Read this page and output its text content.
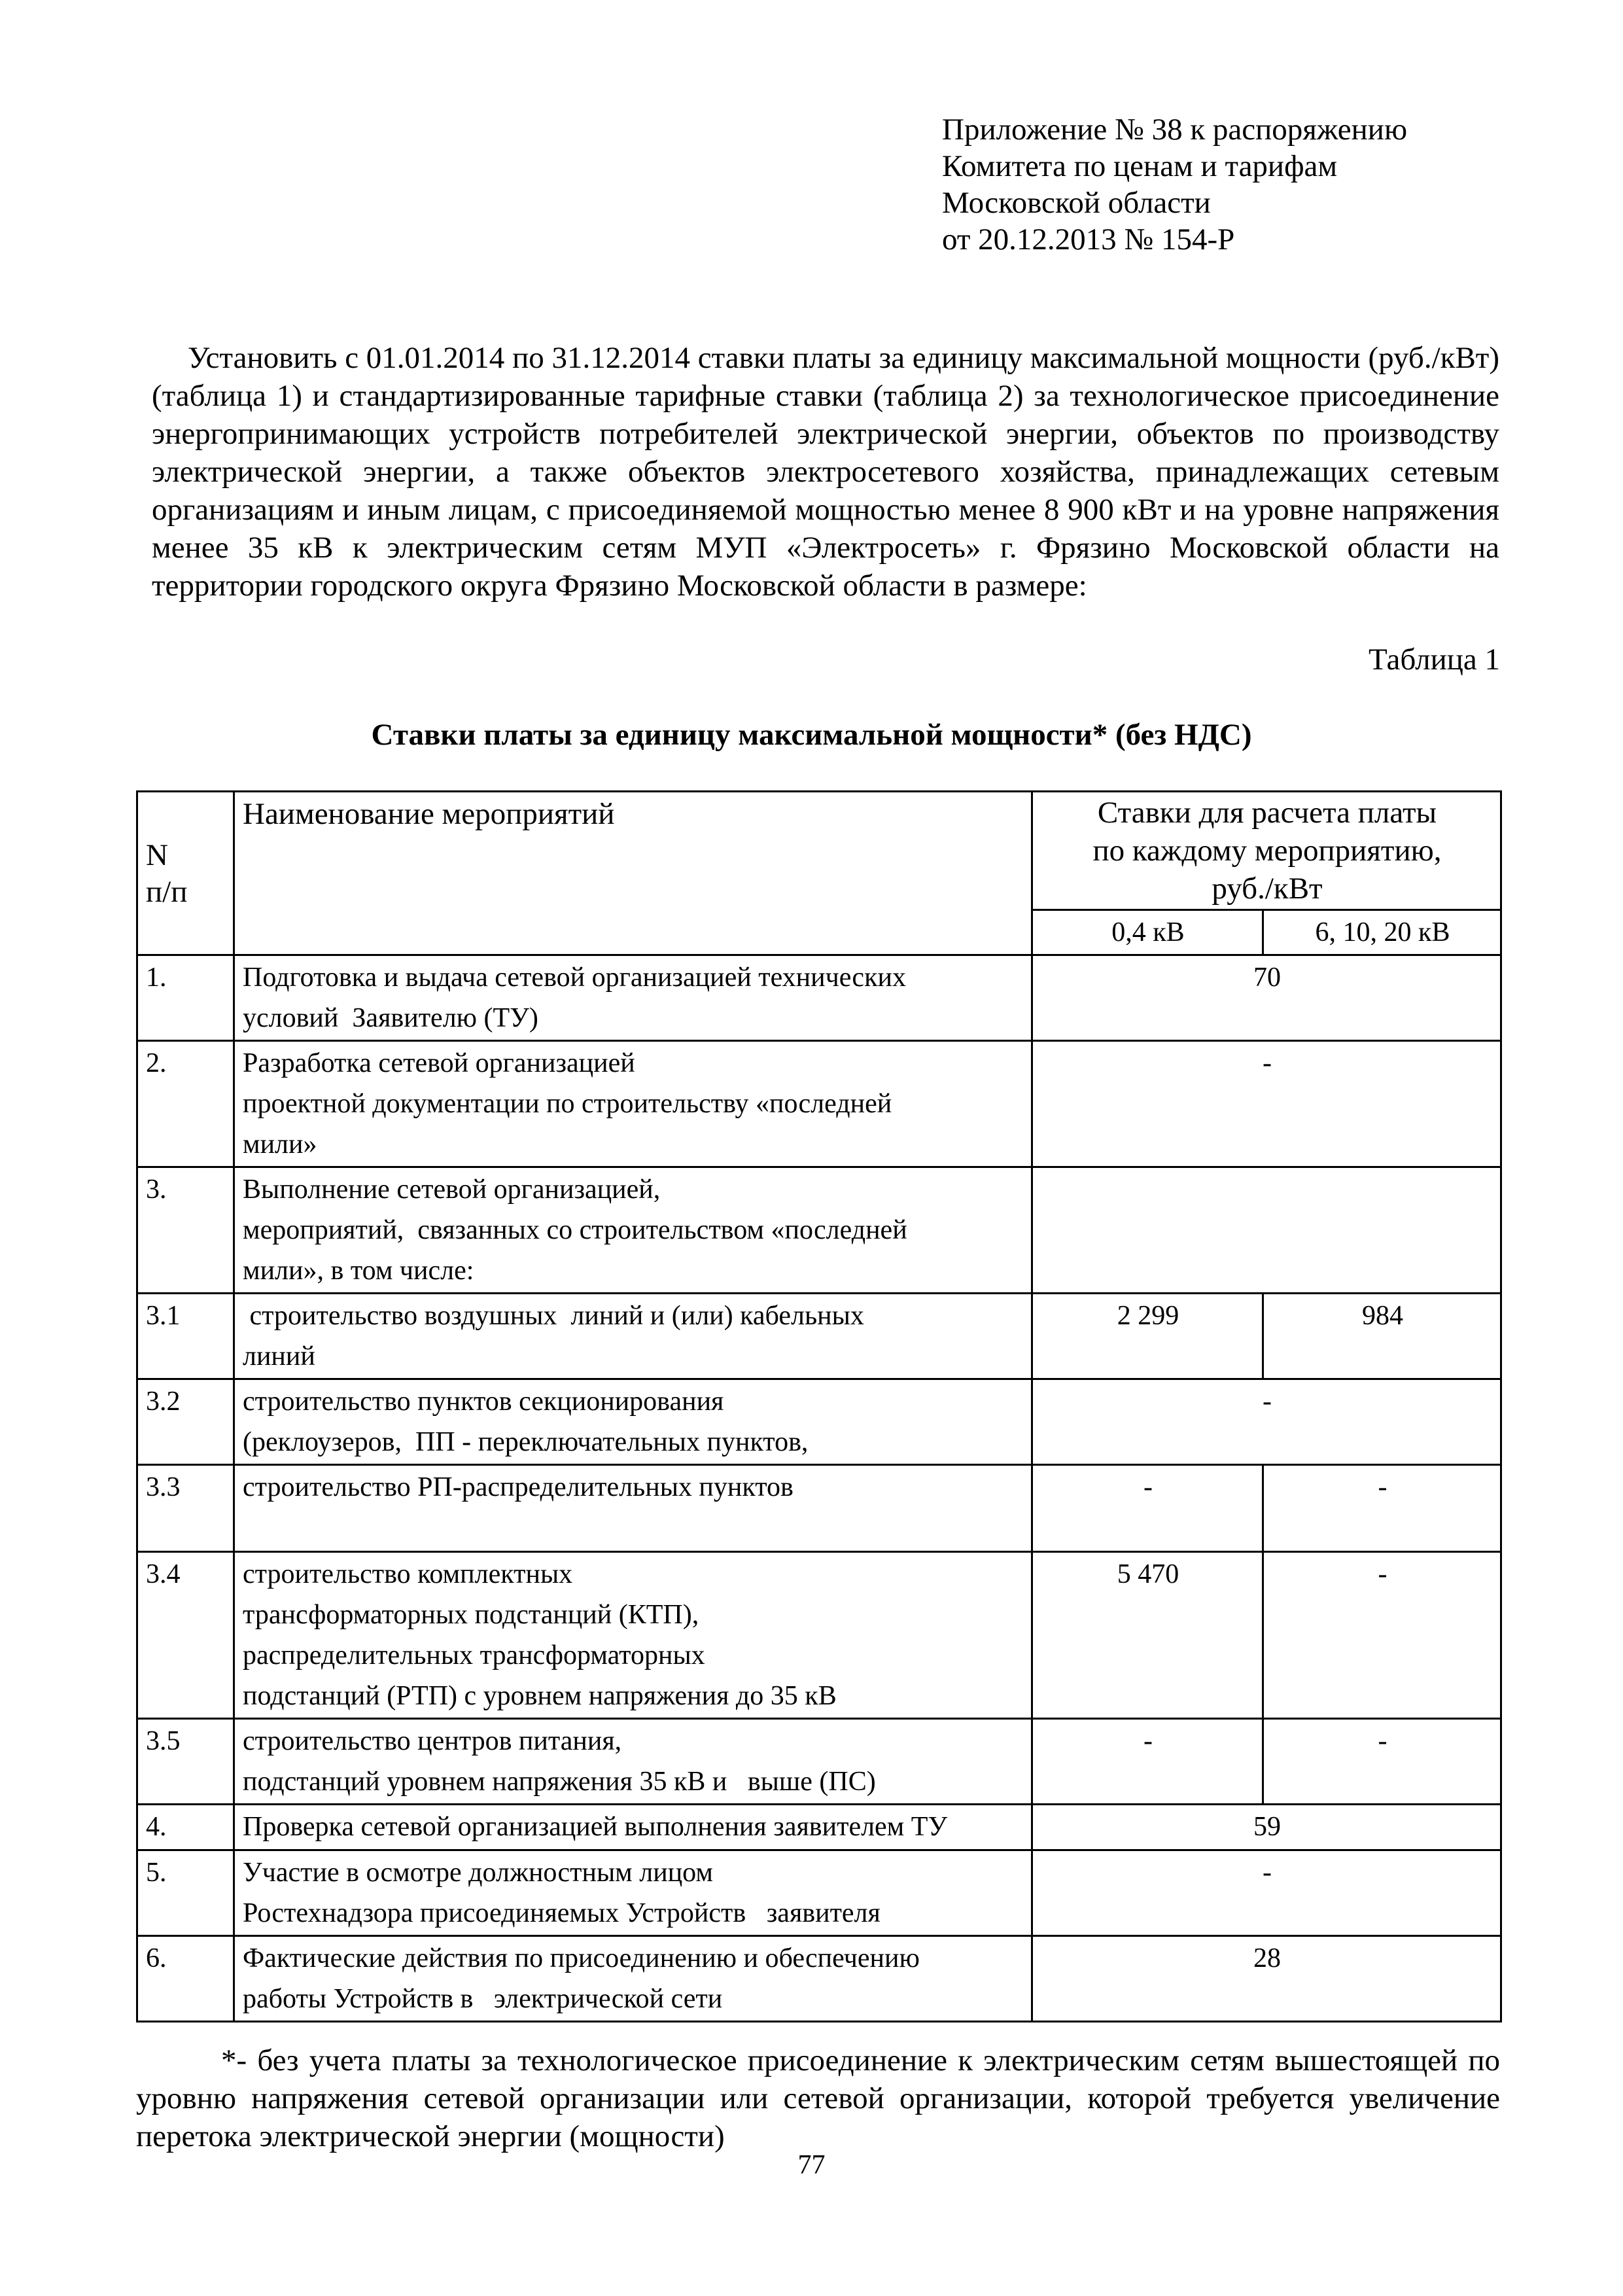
Приложение № 38 к распоряжению
Комитета по ценам и тарифам
Московской области
от 20.12.2013 № 154-Р

Установить с 01.01.2014 по 31.12.2014 ставки платы за единицу максимальной мощности (руб./кВт) (таблица 1) и стандартизированные тарифные ставки (таблица 2) за технологическое присоединение энергопринимающих устройств потребителей электрической энергии, объектов по производству электрической энергии, а также объектов электросетевого хозяйства, принадлежащих сетевым организациям и иным лицам, с присоединяемой мощностью менее 8 900 кВт и на уровне напряжения менее 35 кВ к электрическим сетям МУП «Электросеть» г. Фрязино Московской области на территории городского округа Фрязино Московской области в размере:

Таблица 1
Ставки платы за единицу максимальной мощности* (без НДС)
N
п/п	Наименование мероприятий	Ставки для расчета платы
по каждому мероприятию,
руб./кВт	
		0,4 кВ	6, 10, 20 кВ
1.	Подготовка и выдача сетевой организацией технических
условий  Заявителю (ТУ)	70	
2.	Разработка сетевой организацией
проектной документации по строительству «последней
мили»	-	
3.	Выполнение сетевой организацией,
мероприятий,  связанных со строительством «последней
мили», в том числе:		
3.1	строительство воздушных  линий и (или) кабельных
линий	2 299	984
3.2	строительство пунктов секционирования
(реклоузеров,  ПП - переключательных пунктов,	-	
3.3	строительство РП-распределительных пунктов	-	-
3.4	строительство комплектных
трансформаторных подстанций (КТП),
распределительных трансформаторных
подстанций (РТП) с уровнем напряжения до 35 кВ	5 470	-
3.5	строительство центров питания,
подстанций уровнем напряжения 35 кВ и   выше (ПС)	-	-
4.	Проверка сетевой организацией выполнения заявителем ТУ	59	
5.	Участие в осмотре должностным лицом
Ростехнадзора присоединяемых Устройств   заявителя	-	
6.	Фактические действия по присоединению и обеспечению
работы Устройств в   электрической сети	28	

*- без учета платы за технологическое присоединение к электрическим сетям вышестоящей по уровню напряжения сетевой организации или сетевой организации, которой требуется увеличение перетока электрической энергии (мощности)

77
